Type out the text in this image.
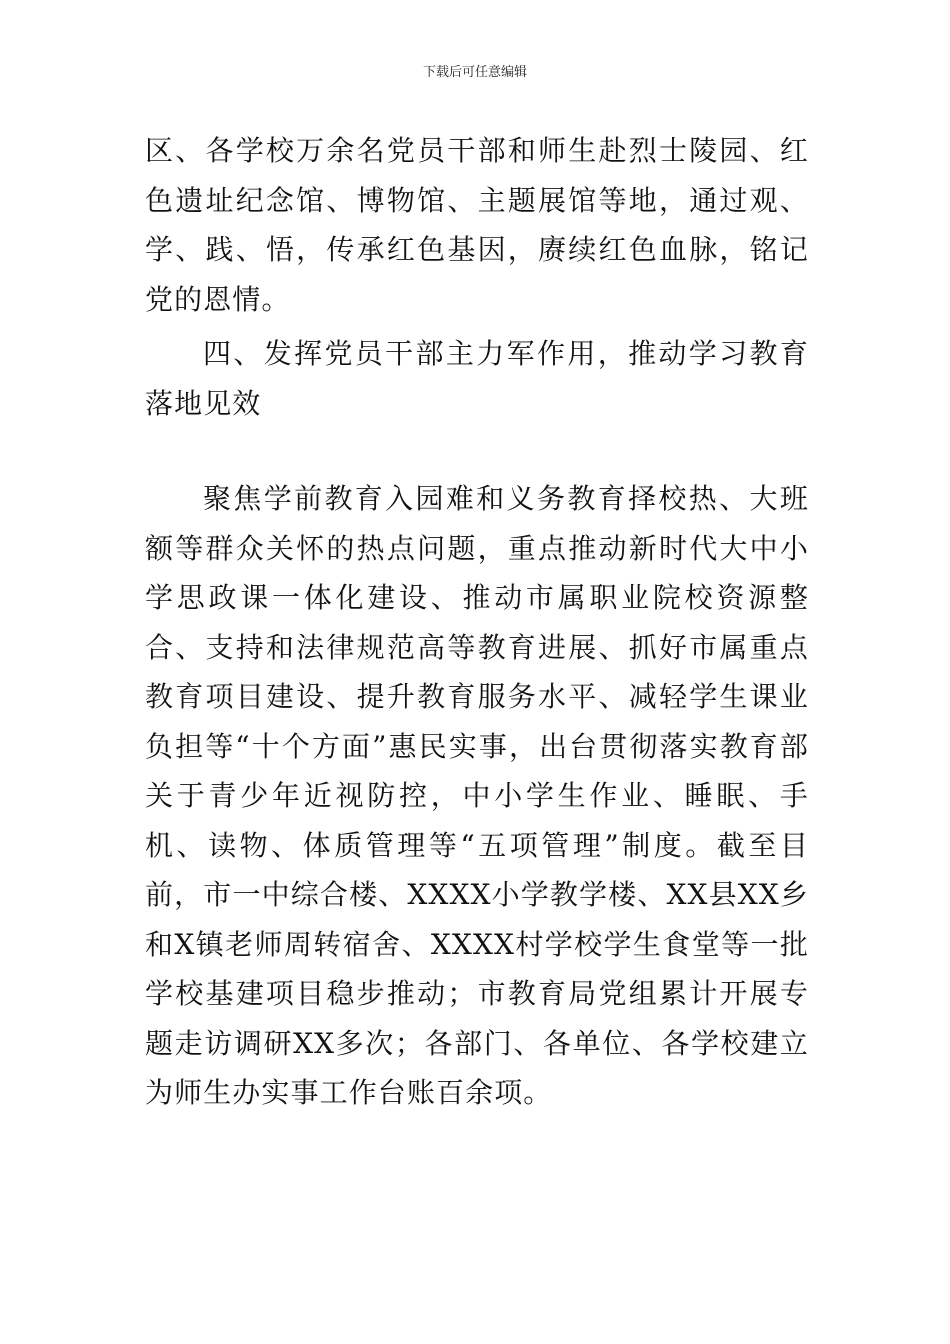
下载后可任意编辑

区、各学校万余名党员干部和师生赴烈士陵园、红色遗址纪念馆、博物馆、主题展馆等地，通过观、学、践、悟，传承红色基因，赓续红色血脉，铭记党的恩情。

四、发挥党员干部主力军作用，推动学习教育落地见效

聚焦学前教育入园难和义务教育择校热、大班额等群众关怀的热点问题，重点推动新时代大中小学思政课一体化建设、推动市属职业院校资源整合、支持和法律规范高等教育进展、抓好市属重点教育项目建设、提升教育服务水平、减轻学生课业负担等“十个方面”惠民实事，出台贯彻落实教育部关于青少年近视防控，中小学生作业、睡眠、手机、读物、体质管理等“五项管理”制度。截至目前，市一中综合楼、XXXX小学教学楼、XX县XX乡和X镇老师周转宿舍、XXXX村学校学生食堂等一批学校基建项目稳步推动；市教育局党组累计开展专题走访调研XX多次；各部门、各单位、各学校建立为师生办实事工作台账百余项。
